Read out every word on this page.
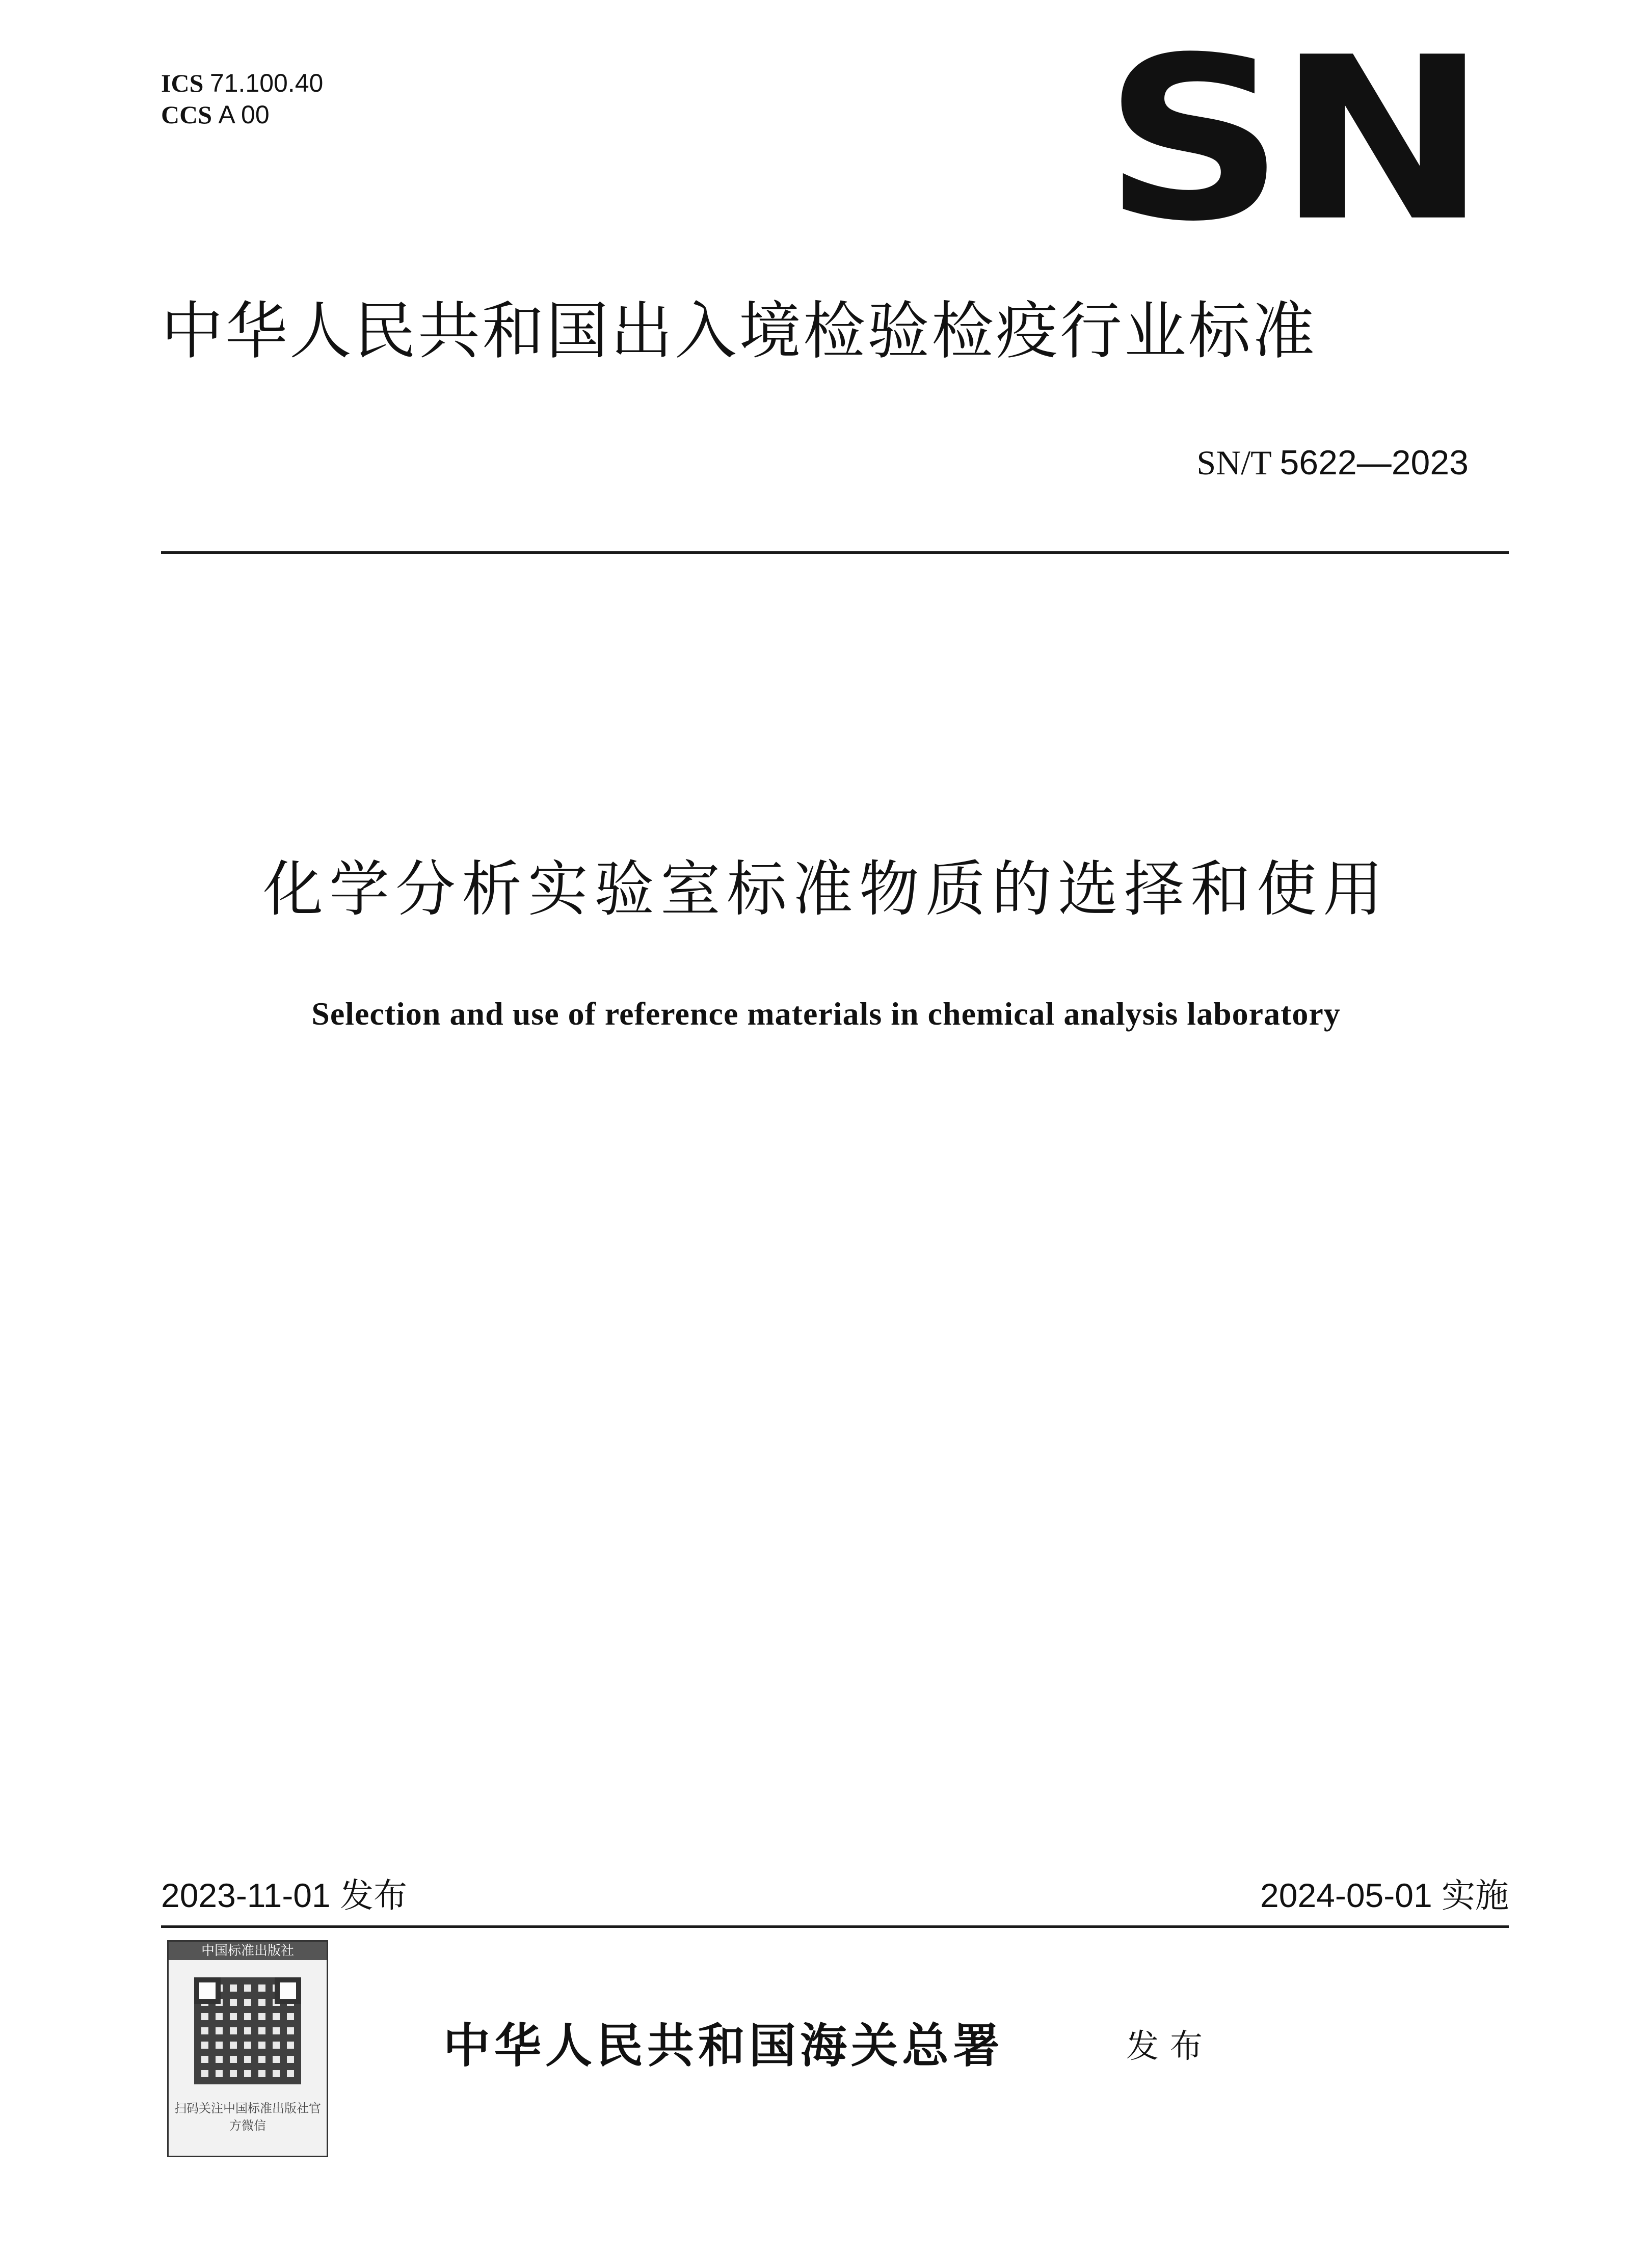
ICS 71.100.40
CCS A 00	SN
中华人民共和国出入境检验检疫行业标准
SN/T 5622—2023
化学分析实验室标准物质的选择和使用
Selection and use of reference materials in chemical analysis laboratory
2023-11-01 发布	2024-05-01 实施
中国标准出版社
扫码关注中国标准出版社官方微信
中华人民共和国海关总署	发布
